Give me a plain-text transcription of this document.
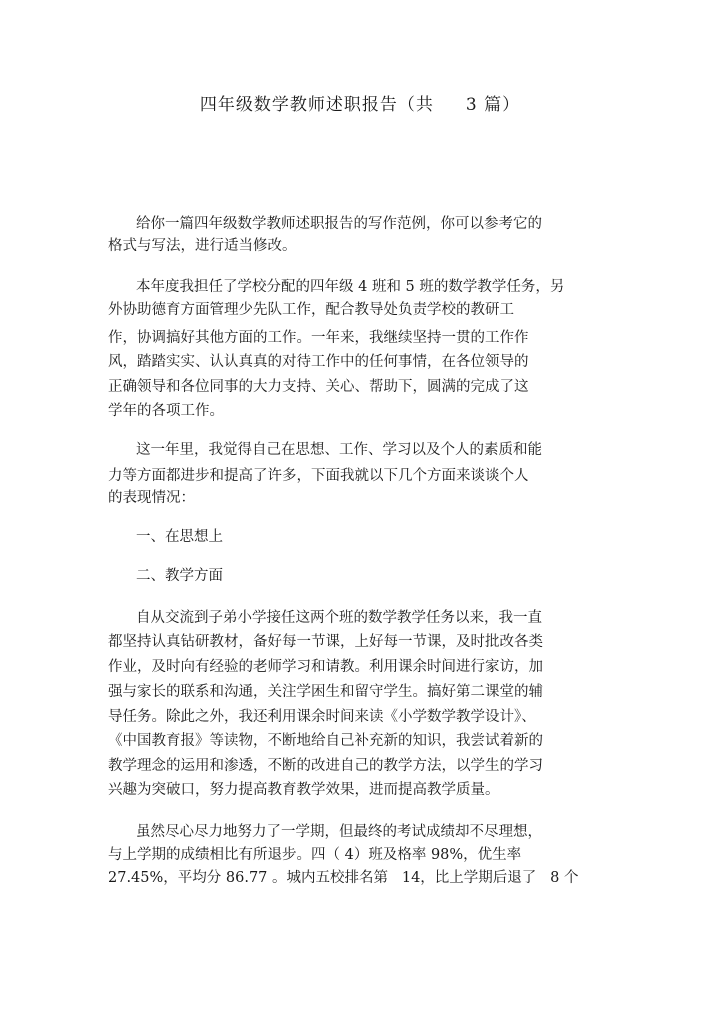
四年级数学教师述职报告（共     3 篇）
给你一篇四年级数学教师述职报告的写作范例，你可以参考它的
格式与写法，进行适当修改。
本年度我担任了学校分配的四年级 4 班和 5 班的数学教学任务，另
外协助德育方面管理少先队工作，配合教导处负责学校的教研工
作，协调搞好其他方面的工作。一年来，我继续坚持一贯的工作作
风，踏踏实实、认认真真的对待工作中的任何事情，在各位领导的
正确领导和各位同事的大力支持、关心、帮助下，圆满的完成了这
学年的各项工作。
这一年里，我觉得自己在思想、工作、学习以及个人的素质和能
力等方面都进步和提高了许多，下面我就以下几个方面来谈谈个人
的表现情况：
一、在思想上
二、教学方面
自从交流到子弟小学接任这两个班的数学教学任务以来，我一直
都坚持认真钻研教材，备好每一节课，上好每一节课，及时批改各类
作业，及时向有经验的老师学习和请教。利用课余时间进行家访，加
强与家长的联系和沟通，关注学困生和留守学生。搞好第二课堂的辅
导任务。除此之外，我还利用课余时间来读《小学数学教学设计》、
《中国教育报》等读物，不断地给自己补充新的知识，我尝试着新的
教学理念的运用和渗透，不断的改进自己的教学方法，以学生的学习
兴趣为突破口，努力提高教育教学效果，进而提高教学质量。
虽然尽心尽力地努力了一学期，但最终的考试成绩却不尽理想，
与上学期的成绩相比有所退步。四（ 4）班及格率 98%，优生率
27.45%，平均分 86.77 。城内五校排名第   14，比上学期后退了   8 个
